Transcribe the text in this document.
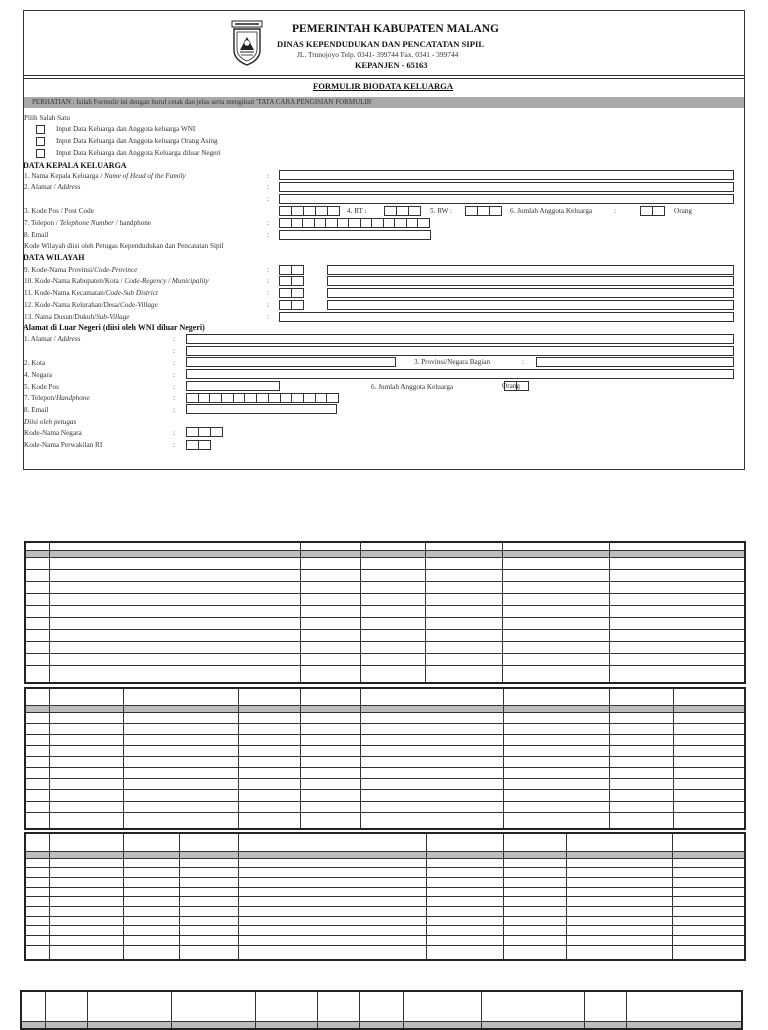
PEMERINTAH KABUPATEN MALANG
DINAS KEPENDUDUKAN DAN PENCATATAN SIPIL
JL. Trunojoyo Telp. 0341- 399744 Fax. 0341 - 399744
KEPANJEN - 65163
FORMULIR BIODATA KELUARGA
PERHATIAN : Isilah Formulir ini dengan huruf cetak dan jelas serta mengikuti 'TATA CARA PENGISIAN FORMULIR'
Pilih Salah Satu
Input Data Keluarga dan Anggota keluarga WNI
Input Data Keluarga dan Anggota keluarga Orang Asing
Input Data Keluarga dan Anggota Keluarga diluar Negeri
DATA KEPALA KELUARGA
1. Nama Kepala Keluarga / Name of Head of the Family	:
2. Alamat / Address	:
:
3. Kode Pos / Post Code	4. RT :	5. RW :	6. Jumlah Anggota Keluarga	:	Orang
7. Telepon / Telephone Number / handphone	:
8. Email	:
Kode Wilayah diisi oleh Petugas Kependudukan dan Pencatatan Sipil
DATA WILAYAH
9. Kode-Nama Provinsi/Code-Province	:
10. Kode-Nama Kabupaten/Kota / Code-Regency / Municipality	:
11. Kode-Nama Kecamatan/Code-Sub District	:
12. Kode-Nama Kelurahan/Desa/Code-Village	:
13. Nama Dusun/Dukuh/Sub-Village	:
Alamat di Luar Negeri (diisi oleh WNI diluar Negeri)
1. Alamat / Address	:
:
2. Kota	:	3. Provinsi/Negara Bagian	:
4. Negara	:
5. Kode Pos	:	6. Jumlah Anggota Keluarga	Orang
7. Telepon/Handphone	:
8. Email	:
Diisi oleh petugas
Kode-Nama Negara	:
Kode-Nama Perwakilan RI	:
